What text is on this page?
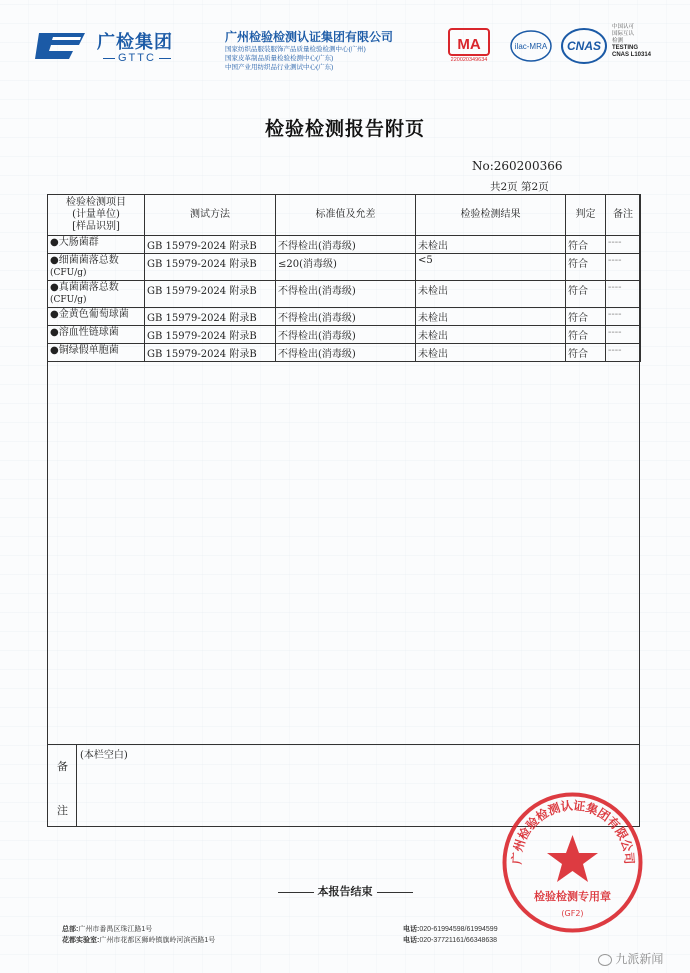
广检集团
GTTC
广州检验检测认证集团有限公司
国家纺织品服装服饰产品质量检验检测中心(广州)
国家皮革制品质量检验检测中心(广东)
中国产业用纺织品行业测试中心(广东)
MA
220020349634
ilac-MRA CNAS
中国认可
国际互认
检测
TESTING
CNAS L10314
检验检测报告附页
No:260200366
共2页 第2页
检验检测项目
(计量单位)
[样品识别]	测试方法	标准值及允差	检验检测结果	判定	备注

●大肠菌群	GB 15979-2024 附录B	不得检出(消毒级)	未检出	符合	----

●细菌菌落总数
(CFU/g)	GB 15979-2024 附录B	≤20(消毒级)	<5	符合	----

●真菌菌落总数
(CFU/g)	GB 15979-2024 附录B	不得检出(消毒级)	未检出	符合	----
●金黄色葡萄球菌	GB 15979-2024 附录B	不得检出(消毒级)	未检出	符合	----
●溶血性链球菌	GB 15979-2024 附录B	不得检出(消毒级)	未检出	符合	----
●铜绿假单胞菌	GB 15979-2024 附录B	不得检出(消毒级)	未检出	符合	----
备
注
(本栏空白)
本报告结束
广州检验检测认证集团有限公司
检验检测专用章
(GF2)
总部:广州市番禺区珠江路1号
花都实验室:广州市花都区狮岭镇旗岭河滨西路1号
电话:020-61994598/61994599
电话:020-37721161/66348638
九派新闻
